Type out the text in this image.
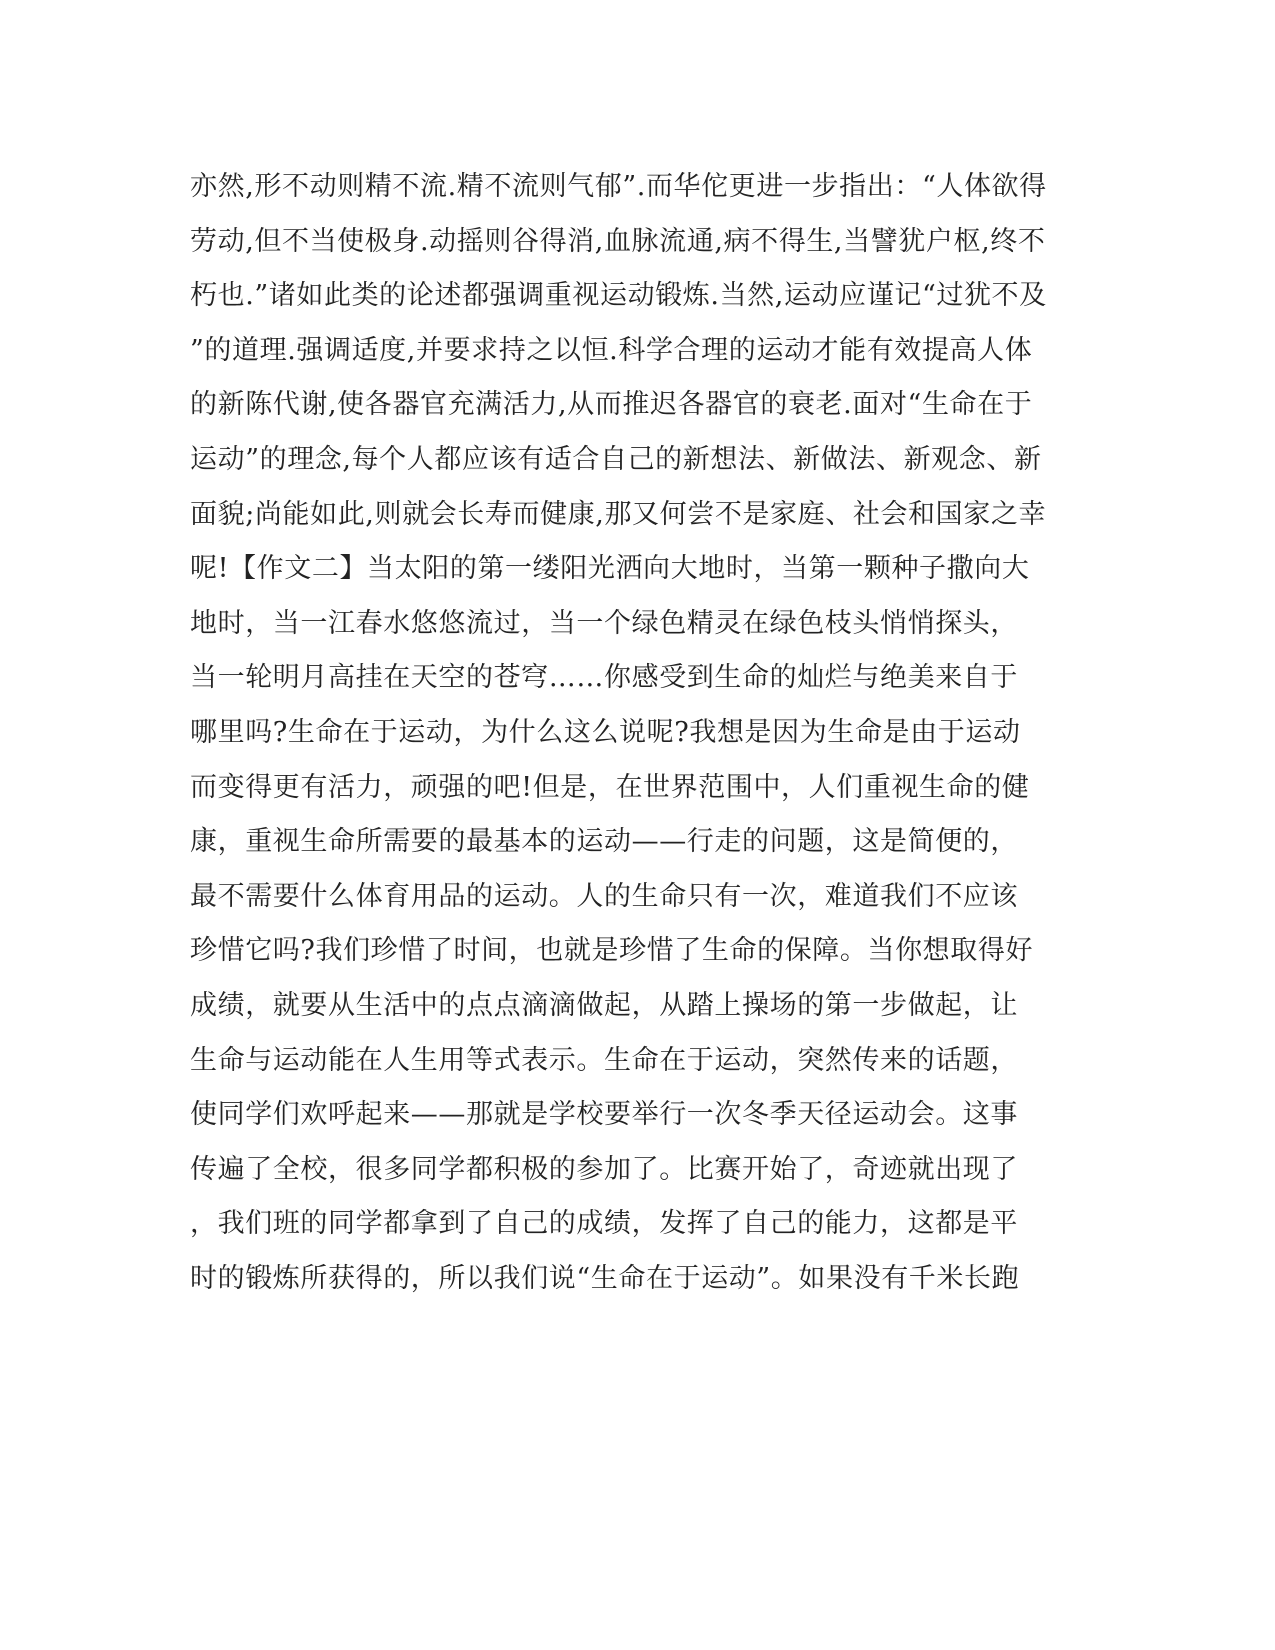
亦然,形不动则精不流.精不流则气郁”.而华佗更进一步指出：“人体欲得
劳动,但不当使极身.动摇则谷得消,血脉流通,病不得生,当譬犹户枢,终不
朽也.”诸如此类的论述都强调重视运动锻炼.当然,运动应谨记“过犹不及
”的道理.强调适度,并要求持之以恒.科学合理的运动才能有效提高人体
的新陈代谢,使各器官充满活力,从而推迟各器官的衰老.面对“生命在于
运动”的理念,每个人都应该有适合自己的新想法、新做法、新观念、新
面貌;尚能如此,则就会长寿而健康,那又何尝不是家庭、社会和国家之幸
呢!【作文二】当太阳的第一缕阳光洒向大地时，当第一颗种子撒向大
地时，当一江春水悠悠流过，当一个绿色精灵在绿色枝头悄悄探头，
当一轮明月高挂在天空的苍穹……你感受到生命的灿烂与绝美来自于
哪里吗?生命在于运动，为什么这么说呢?我想是因为生命是由于运动
而变得更有活力，顽强的吧!但是，在世界范围中，人们重视生命的健
康，重视生命所需要的最基本的运动——行走的问题，这是简便的，
最不需要什么体育用品的运动。人的生命只有一次，难道我们不应该
珍惜它吗?我们珍惜了时间，也就是珍惜了生命的保障。当你想取得好
成绩，就要从生活中的点点滴滴做起，从踏上操场的第一步做起，让
生命与运动能在人生用等式表示。生命在于运动，突然传来的话题，
使同学们欢呼起来——那就是学校要举行一次冬季天径运动会。这事
传遍了全校，很多同学都积极的参加了。比赛开始了，奇迹就出现了
，我们班的同学都拿到了自己的成绩，发挥了自己的能力，这都是平
时的锻炼所获得的，所以我们说“生命在于运动”。如果没有千米长跑
